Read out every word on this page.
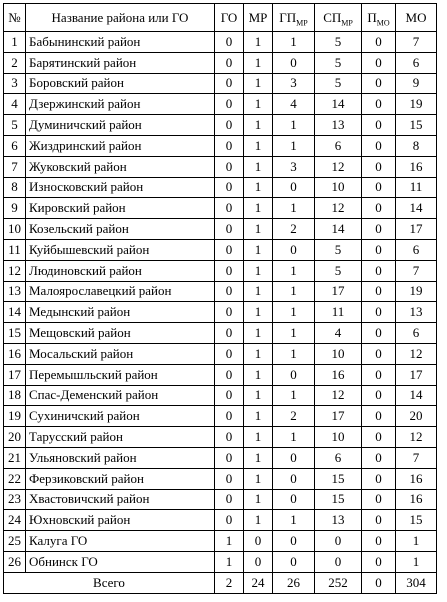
№	Название района или ГО	ГО	МР	$ГП_{МР}$	$СП_{МР}$	$П_{МО}$	МО
1	Бабынинский район	0	1	1	5	0	7
2	Барятинский район	0	1	0	5	0	6
3	Боровский район	0	1	3	5	0	9
4	Дзержинский район	0	1	4	14	0	19
5	Думиничский район	0	1	1	13	0	15
6	Жиздринский район	0	1	1	6	0	8
7	Жуковский район	0	1	3	12	0	16
8	Износковский район	0	1	0	10	0	11
9	Кировский район	0	1	1	12	0	14
10	Козельский район	0	1	2	14	0	17
11	Куйбышевский район	0	1	0	5	0	6
12	Людиновский район	0	1	1	5	0	7
13	Малоярославецкий район	0	1	1	17	0	19
14	Медынский район	0	1	1	11	0	13
15	Мещовский район	0	1	1	4	0	6
16	Мосальский район	0	1	1	10	0	12
17	Перемышльский район	0	1	0	16	0	17
18	Спас-Деменский район	0	1	1	12	0	14
19	Сухиничский район	0	1	2	17	0	20
20	Тарусский район	0	1	1	10	0	12
21	Ульяновский район	0	1	0	6	0	7
22	Ферзиковский район	0	1	0	15	0	16
23	Хвастовичский район	0	1	0	15	0	16
24	Юхновский район	0	1	1	13	0	15
25	Калуга ГО	1	0	0	0	0	1
26	Обнинск ГО	1	0	0	0	0	1
Всего		2	24	26	252	0	304
